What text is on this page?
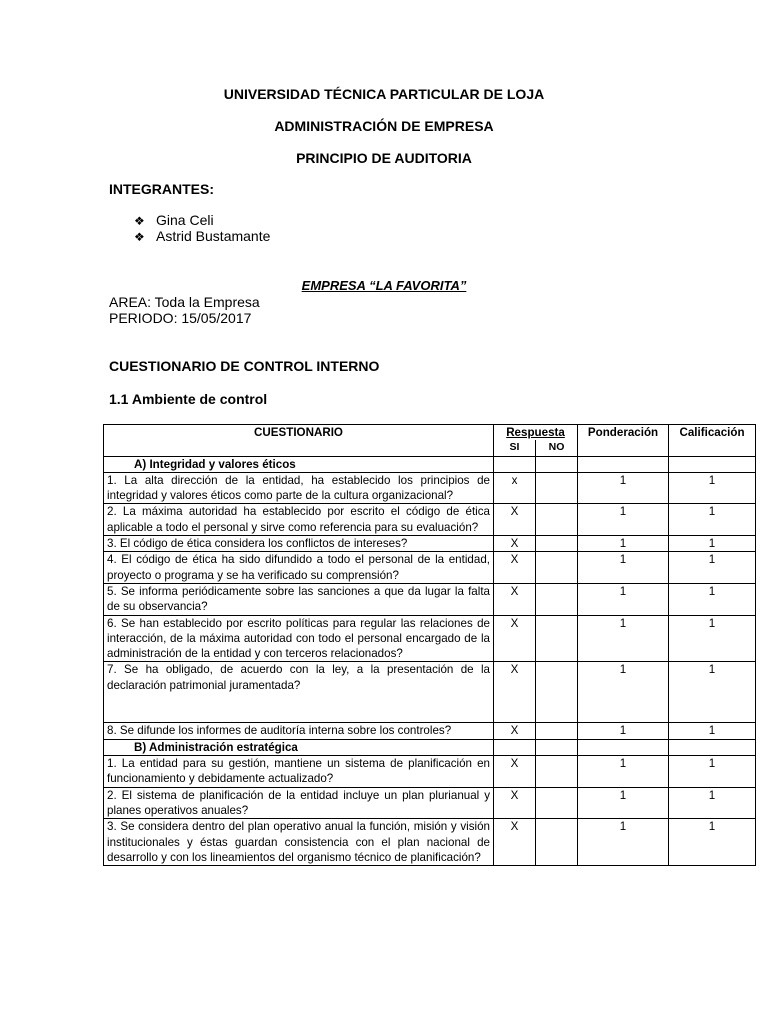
UNIVERSIDAD TÉCNICA PARTICULAR DE LOJA
ADMINISTRACIÓN DE EMPRESA
PRINCIPIO DE AUDITORIA
INTEGRANTES:
❖ Gina Celi
❖ Astrid Bustamante
EMPRESA “LA FAVORITA”
AREA: Toda la Empresa
PERIODO: 15/05/2017
CUESTIONARIO DE CONTROL INTERNO
1.1 Ambiente de control
CUESTIONARIO	Respuesta		Ponderación	Calificación
	SI	NO		
A) Integridad y valores éticos				
1. La alta dirección de la entidad, ha establecido los principios de integridad y valores éticos como parte de la cultura organizacional?	x		1	1
2. La máxima autoridad ha establecido por escrito el código de ética aplicable a todo el personal y sirve como referencia para su evaluación?	X		1	1
3. El código de ética considera los conflictos de intereses?	X		1	1
4. El código de ética ha sido difundido a todo el personal de la entidad, proyecto o programa y se ha verificado su comprensión?	X		1	1
5. Se informa periódicamente sobre las sanciones a que da lugar la falta de su observancia?	X		1	1
6. Se han establecido por escrito políticas para regular las relaciones de interacción, de la máxima autoridad con todo el personal encargado de la administración de la entidad y con terceros relacionados?	X		1	1
7. Se ha obligado, de acuerdo con la ley, a la presentación de la declaración patrimonial juramentada?	X		1	1
8. Se difunde los informes de auditoría interna sobre los controles?	X		1	1
B) Administración estratégica				
1. La entidad para su gestión, mantiene un sistema de planificación en funcionamiento y debidamente actualizado?	X		1	1
2. El sistema de planificación de la entidad incluye un plan plurianual y planes operativos anuales?	X		1	1
3. Se considera dentro del plan operativo anual la función, misión y visión institucionales y éstas guardan consistencia con el plan nacional de desarrollo y con los lineamientos del organismo técnico de planificación?	X		1	1
